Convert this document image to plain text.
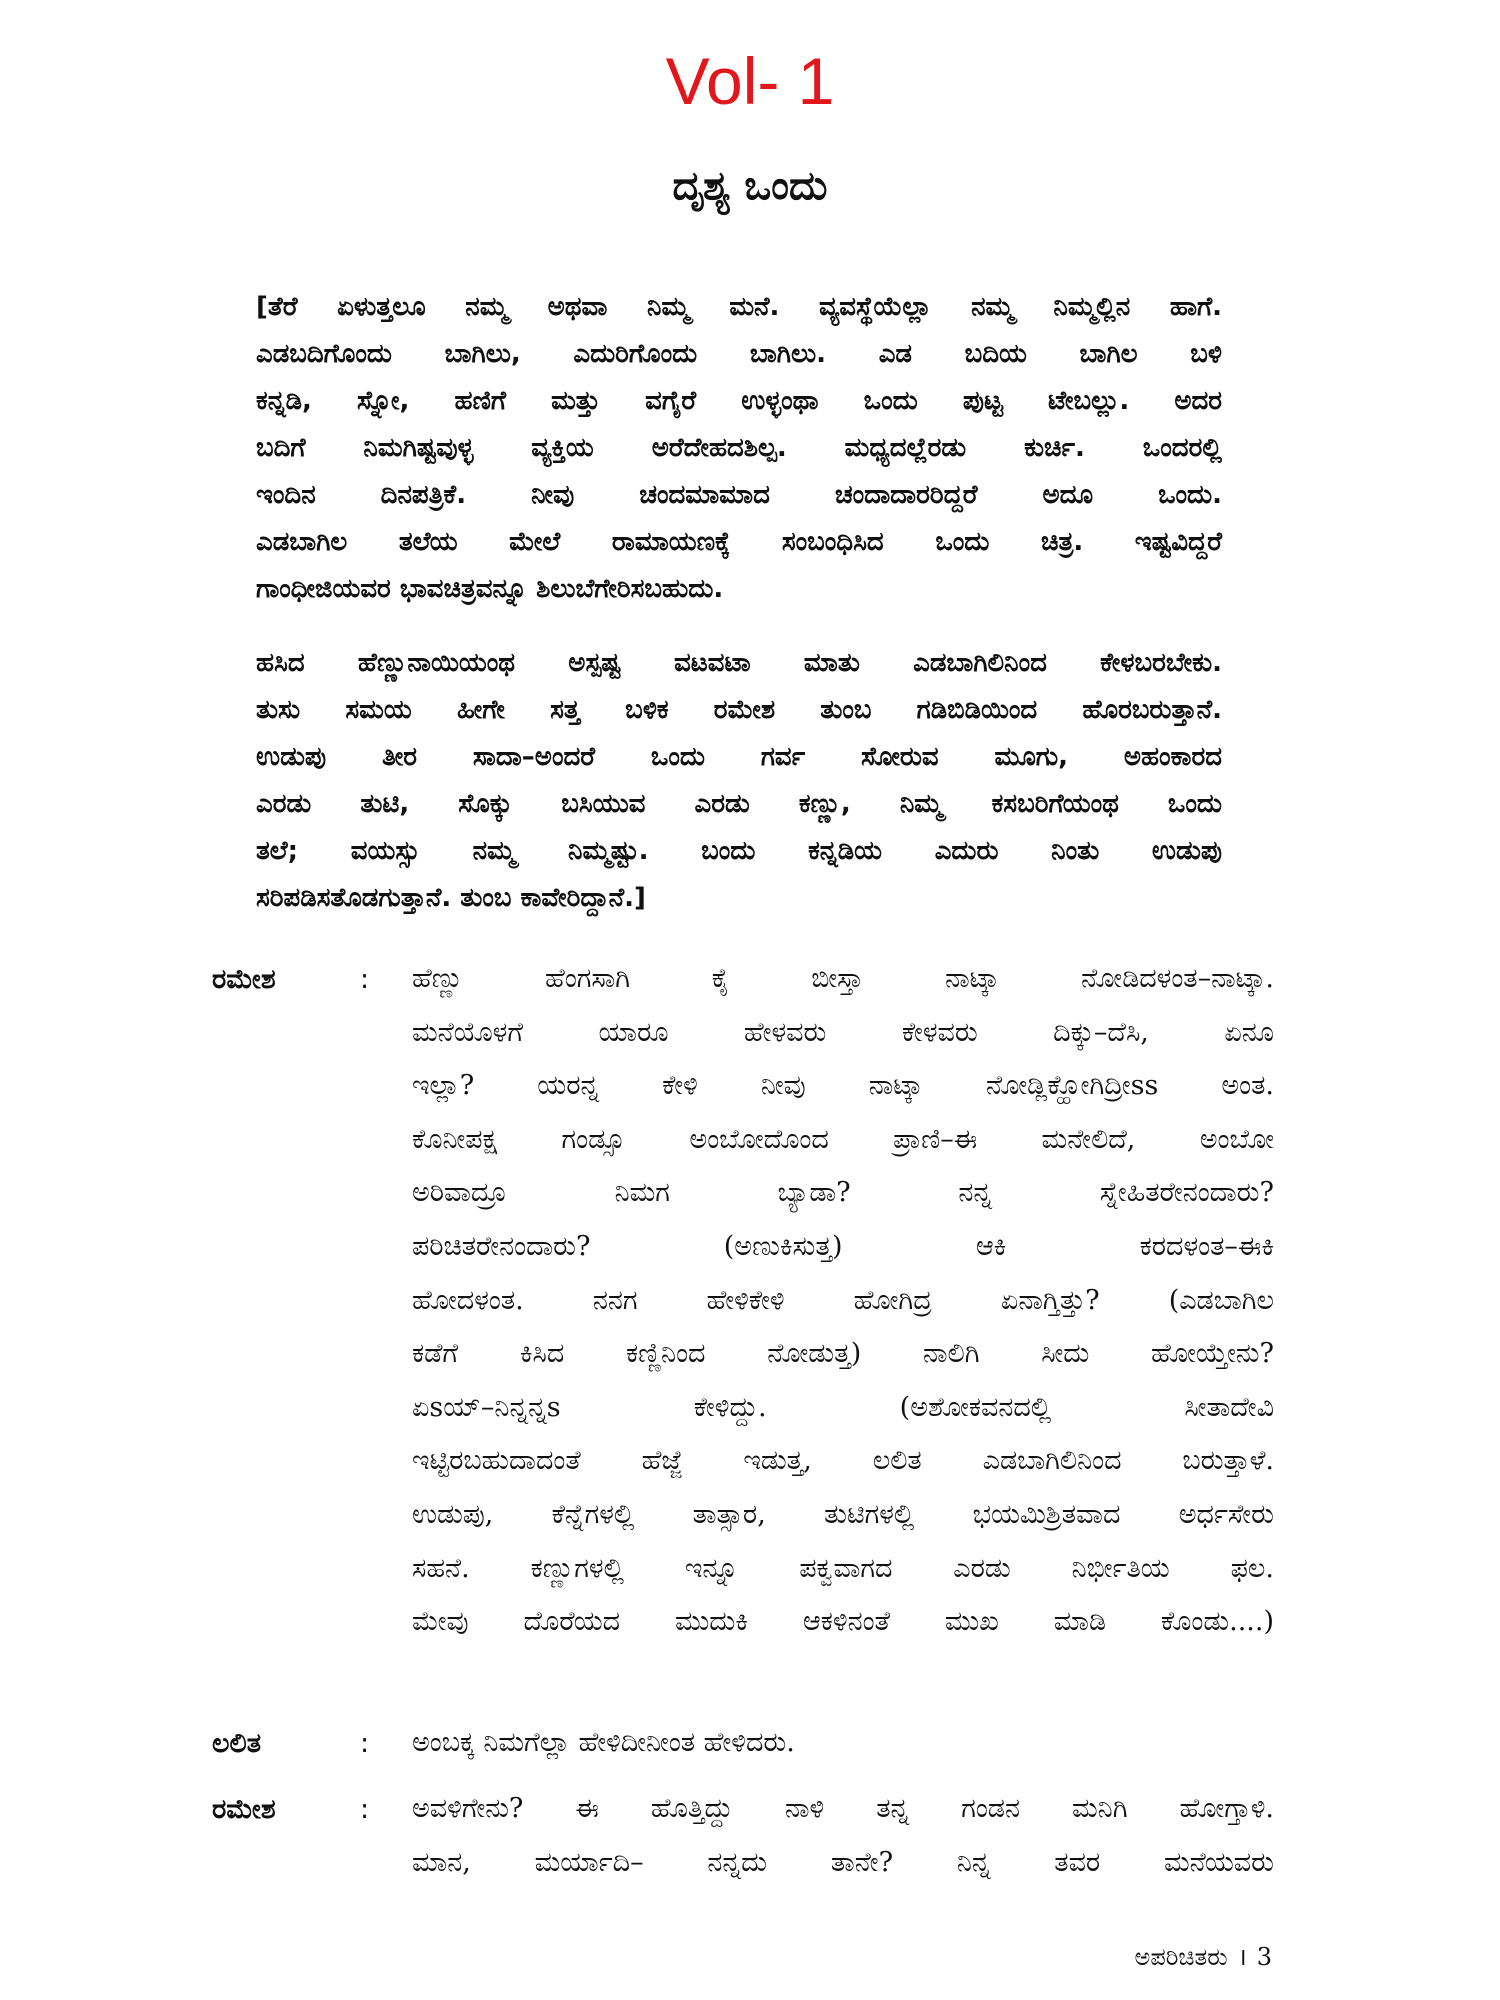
Vol- 1
ದೃಶ್ಯ ಒಂದು

[ತೆರೆ ಏಳುತ್ತಲೂ ನಮ್ಮ ಅಥವಾ ನಿಮ್ಮ ಮನೆ. ವ್ಯವಸ್ಥೆಯೆಲ್ಲಾ ನಮ್ಮ ನಿಮ್ಮಲ್ಲಿನ ಹಾಗೆ.

ಎಡಬದಿಗೊಂದು ಬಾಗಿಲು, ಎದುರಿಗೊಂದು ಬಾಗಿಲು. ಎಡ ಬದಿಯ ಬಾಗಿಲ ಬಳಿ

ಕನ್ನಡಿ, ಸ್ನೋ, ಹಣಿಗೆ ಮತ್ತು ವಗೈರೆ ಉಳ್ಳಂಥಾ ಒಂದು ಪುಟ್ಟ ಟೇಬಲ್ಲು. ಅದರ

ಬದಿಗೆ ನಿಮಗಿಷ್ಟವುಳ್ಳ ವ್ಯಕ್ತಿಯ ಅರೆದೇಹದಶಿಲ್ಪ. ಮಧ್ಯದಲ್ಲೆರಡು ಕುರ್ಚಿ. ಒಂದರಲ್ಲಿ

ಇಂದಿನ ದಿನಪತ್ರಿಕೆ. ನೀವು ಚಂದಮಾಮಾದ ಚಂದಾದಾರರಿದ್ದರೆ ಅದೂ ಒಂದು.

ಎಡಬಾಗಿಲ ತಲೆಯ ಮೇಲೆ ರಾಮಾಯಣಕ್ಕೆ ಸಂಬಂಧಿಸಿದ ಒಂದು ಚಿತ್ರ. ಇಷ್ಟವಿದ್ದರೆ

ಗಾಂಧೀಜಿಯವರ ಭಾವಚಿತ್ರವನ್ನೂ ಶಿಲುಬೆಗೇರಿಸಬಹುದು.

ಹಸಿದ ಹೆಣ್ಣುನಾಯಿಯಂಥ ಅಸ್ಪಷ್ಟ ವಟವಟಾ ಮಾತು ಎಡಬಾಗಿಲಿನಿಂದ ಕೇಳಬರಬೇಕು.

ತುಸು ಸಮಯ ಹೀಗೇ ಸತ್ತ ಬಳಿಕ ರಮೇಶ ತುಂಬ ಗಡಿಬಿಡಿಯಿಂದ ಹೊರಬರುತ್ತಾನೆ.

ಉಡುಪು ತೀರ ಸಾದಾ–ಅಂದರೆ ಒಂದು ಗರ್ವ ಸೋರುವ ಮೂಗು, ಅಹಂಕಾರದ

ಎರಡು ತುಟಿ, ಸೊಕ್ಕು ಬಸಿಯುವ ಎರಡು ಕಣ್ಣು, ನಿಮ್ಮ ಕಸಬರಿಗೆಯಂಥ ಒಂದು

ತಲೆ; ವಯಸ್ಸು ನಮ್ಮ ನಿಮ್ಮಷ್ಟು. ಬಂದು ಕನ್ನಡಿಯ ಎದುರು ನಿಂತು ಉಡುಪು

ಸರಿಪಡಿಸತೊಡಗುತ್ತಾನೆ. ತುಂಬ ಕಾವೇರಿದ್ದಾನೆ.]

ರಮೇಶ	: ಹೆಣ್ಣು ಹೆಂಗಸಾಗಿ ಕೈ ಬೀಸ್ತಾ ನಾಟ್ಕಾ ನೋಡಿದಳಂತ–ನಾಟ್ಕಾ.
ಮನೆಯೊಳಗೆ ಯಾರೂ ಹೇಳವರು ಕೇಳವರು ದಿಕ್ಕು–ದೆಸಿ, ಏನೂ
ಇಲ್ಲಾ? ಯರನ್ನ ಕೇಳಿ ನೀವು ನಾಟ್ಕಾ ನೋಡ್ಲಿಕ್ಹೋಗಿದ್ರೀss ಅಂತ.
ಕೊನೀಪಕ್ಷ ಗಂಡ್ಸೂ ಅಂಬೋದೊಂದ ಪ್ರಾಣಿ–ಈ ಮನೇಲಿದೆ, ಅಂಬೋ
ಅರಿವಾದ್ರೂ ನಿಮಗ ಬ್ಯಾಡಾ? ನನ್ನ ಸ್ನೇಹಿತರೇನಂದಾರು?
ಪರಿಚಿತರೇನಂದಾರು? (ಅಣುಕಿಸುತ್ತ) ಆಕಿ ಕರದಳಂತ–ಈಕಿ
ಹೋದಳಂತ. ನನಗ ಹೇಳಿಕೇಳಿ ಹೋಗಿದ್ರ ಏನಾಗ್ತಿತ್ತು? (ಎಡಬಾಗಿಲ
ಕಡೆಗೆ ಕಿಸಿದ ಕಣ್ಣಿನಿಂದ ನೋಡುತ್ತ) ನಾಲಿಗಿ ಸೀದು ಹೋಯ್ತೇನು?
ಏsಯ್–ನಿನ್ನನ್ನs ಕೇಳಿದ್ದು. (ಅಶೋಕವನದಲ್ಲಿ ಸೀತಾದೇವಿ
ಇಟ್ಟಿರಬಹುದಾದಂತೆ ಹೆಜ್ಜೆ ಇಡುತ್ತ, ಲಲಿತ ಎಡಬಾಗಿಲಿನಿಂದ ಬರುತ್ತಾಳೆ.
ಉಡುಪು, ಕೆನ್ನೆಗಳಲ್ಲಿ ತಾತ್ಸಾರ, ತುಟಿಗಳಲ್ಲಿ ಭಯಮಿಶ್ರಿತವಾದ ಅರ್ಧಸೇರು
ಸಹನೆ. ಕಣ್ಣುಗಳಲ್ಲಿ ಇನ್ನೂ ಪಕ್ವವಾಗದ ಎರಡು ನಿರ್ಭೀತಿಯ ಫಲ.
ಮೇವು ದೊರೆಯದ ಮುದುಕಿ ಆಕಳಿನಂತೆ ಮುಖ ಮಾಡಿ ಕೊಂಡು....)
ಲಲಿತ	: ಅಂಬಕ್ಕ ನಿಮಗೆಲ್ಲಾ ಹೇಳಿದೀನೀಂತ ಹೇಳಿದರು.
ರಮೇಶ	: ಅವಳಿಗೇನು? ಈ ಹೊತ್ತಿದ್ದು ನಾಳಿ ತನ್ನ ಗಂಡನ ಮನಿಗಿ ಹೋಗ್ತಾಳಿ.
ಮಾನ, ಮರ್ಯಾದಿ– ನನ್ನದು ತಾನೇ? ನಿನ್ನ ತವರ ಮನೆಯವರು
ಅಪರಿಚಿತರು । 3
